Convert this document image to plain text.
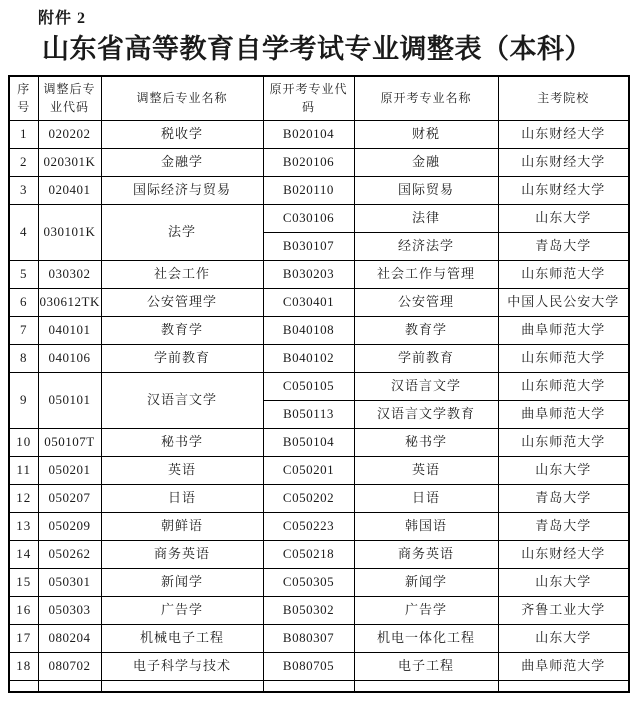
附件 2
山东省高等教育自学考试专业调整表（本科）
序号	调整后专业代码	调整后专业名称	原开考专业代码	原开考专业名称	主考院校
1	020202	税收学	B020104	财税	山东财经大学
2	020301K	金融学	B020106	金融	山东财经大学
3	020401	国际经济与贸易	B020110	国际贸易	山东财经大学
4	030101K	法学	C030106	法律	山东大学
			B030107	经济法学	青岛大学
5	030302	社会工作	B030203	社会工作与管理	山东师范大学
6	030612TK	公安管理学	C030401	公安管理	中国人民公安大学
7	040101	教育学	B040108	教育学	曲阜师范大学
8	040106	学前教育	B040102	学前教育	山东师范大学
9	050101	汉语言文学	C050105	汉语言文学	山东师范大学
			B050113	汉语言文学教育	曲阜师范大学
10	050107T	秘书学	B050104	秘书学	山东师范大学
11	050201	英语	C050201	英语	山东大学
12	050207	日语	C050202	日语	青岛大学
13	050209	朝鲜语	C050223	韩国语	青岛大学
14	050262	商务英语	C050218	商务英语	山东财经大学
15	050301	新闻学	C050305	新闻学	山东大学
16	050303	广告学	B050302	广告学	齐鲁工业大学
17	080204	机械电子工程	B080307	机电一体化工程	山东大学
18	080702	电子科学与技术	B080705	电子工程	曲阜师范大学
